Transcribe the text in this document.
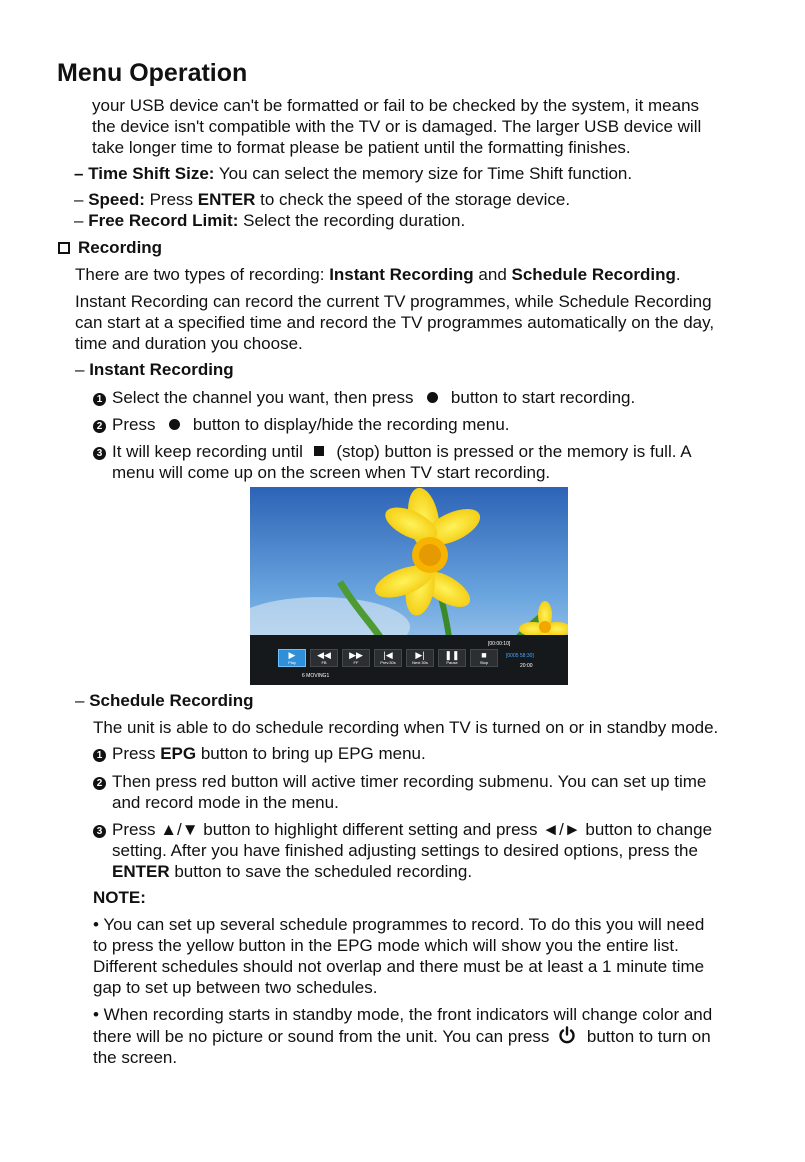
Menu Operation
your USB device can't be formatted or fail to be checked by the system, it means
the device isn't compatible with the TV or is damaged. The larger USB device will
take longer time to format please be patient until the formatting finishes.
– Time Shift Size: You can select the memory size for Time Shift function.
– Speed: Press ENTER to check the speed of the storage device.
– Free Record Limit: Select the recording duration.
Recording
There are two types of recording: Instant Recording and Schedule Recording.
Instant Recording can record the current TV programmes, while Schedule Recording
can start at a specified time and record the TV programmes automatically on the day,
time and duration you choose.
– Instant Recording
1 Select the channel you want, then press  button to start recording.
2 Press  button to display/hide the recording menu.
3 It will keep recording until  (stop) button is pressed or the memory is full. A
menu will come up on the screen when TV start recording.
▶
Play
◀◀
FB
▶▶
FF
|◀
Prev.30s
▶|
Next 30s
❚❚
Pause
■
Stop
[00:00:10]
[0005 58:30]
20:00
6 MOVING1
– Schedule Recording
The unit is able to do schedule recording when TV is turned on or in standby mode.
1 Press EPG button to bring up EPG menu.
2 Then press red button will active timer recording submenu. You can set up time
and record mode in the menu.
3 Press ▲/▼ button to highlight different setting and press ◄/► button to change
setting. After you have finished adjusting settings to desired options, press the
ENTER button to save the scheduled recording.
NOTE:
• You can set up several schedule programmes to record. To do this you will need
to press the yellow button in the EPG mode which will show you the entire list.
Different schedules should not overlap and there must be at least a 1 minute time
gap to set up between two schedules.
• When recording starts in standby mode, the front indicators will change color and
there will be no picture or sound from the unit. You can press  button to turn on
the screen.
